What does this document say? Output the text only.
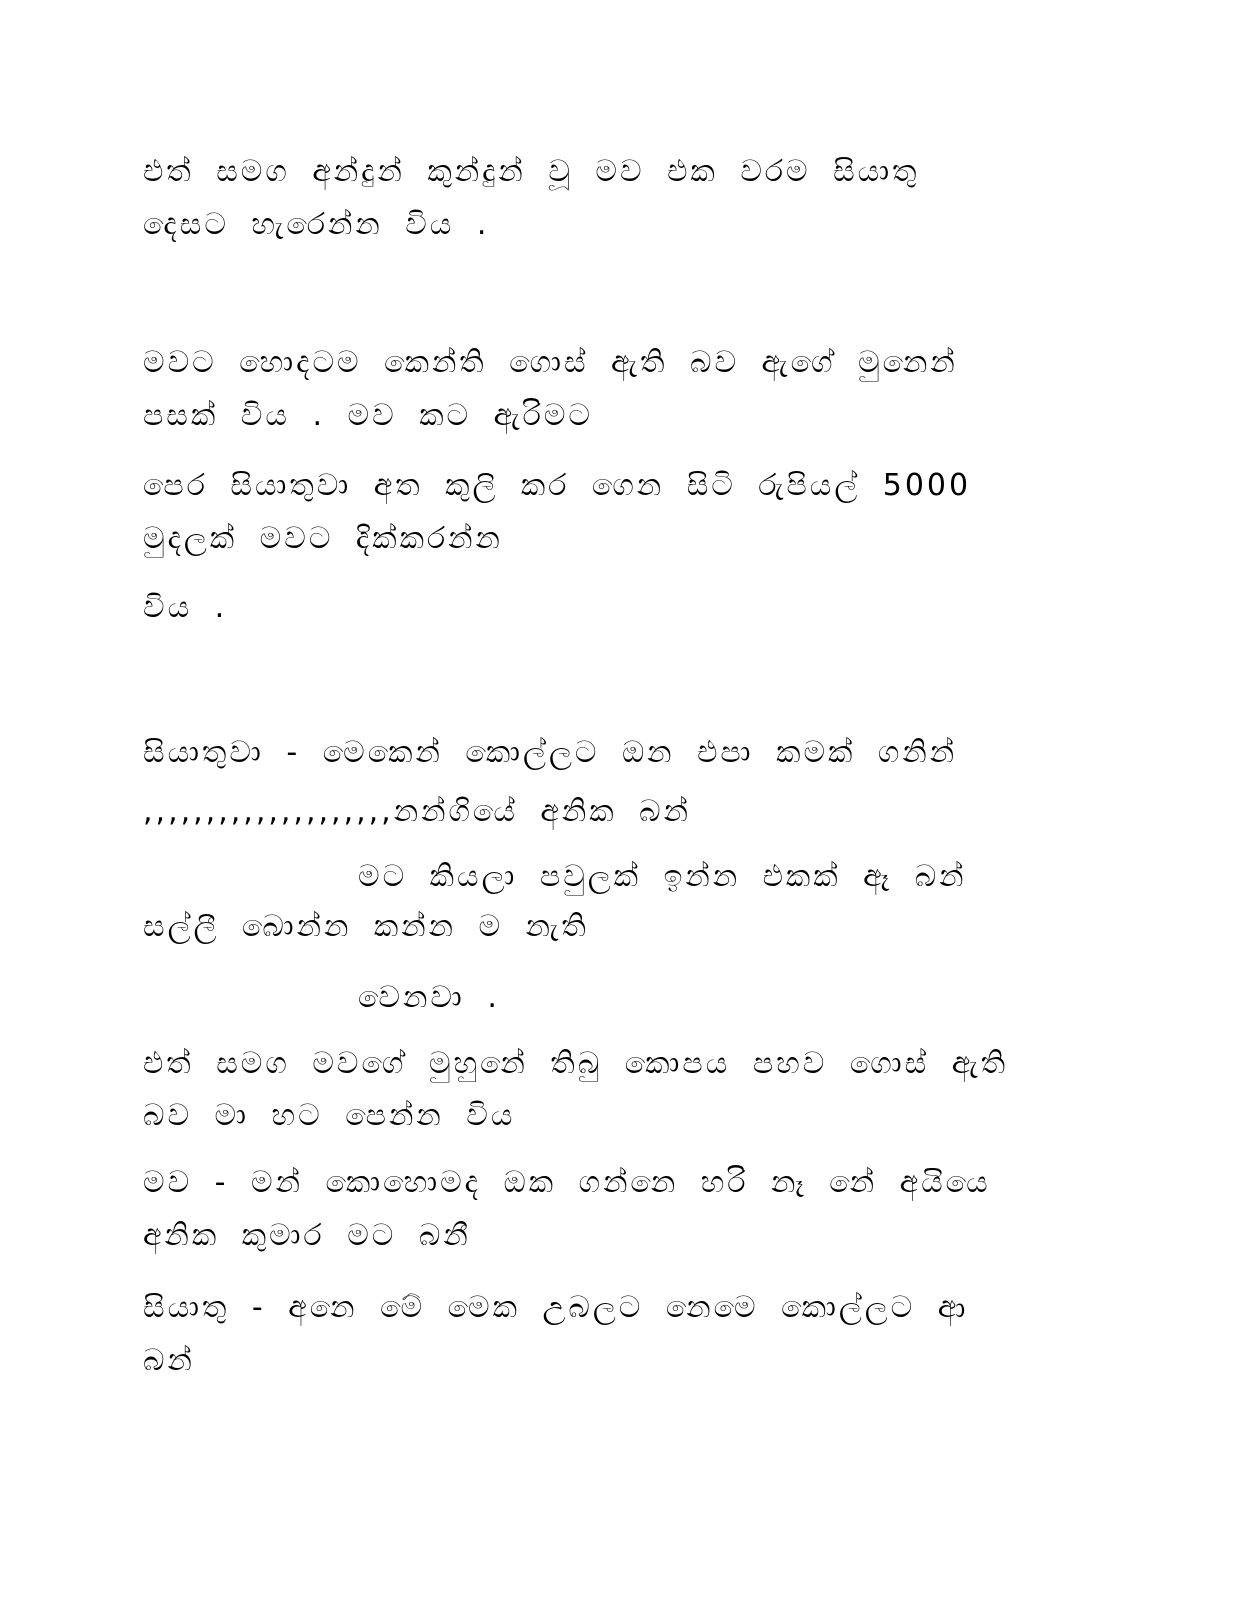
එත් සමග අන්දුන් කුන්දුන් වූ මව එක වරම සියාතු
දෙසට හැරෙන්න විය .
මවට හොදටම කෙන්ති ගොස් ඇති බව ඇගේ මුනෙන්
පසක් විය . මව කට ඇරිමට
පෙර සියාතුවා අත කුලි කර ගෙන සිටි රුපියල් 5000
මුදලක් මවට දික්කරන්න
විය .
සියාතුවා - මෙකෙන් කොල්ලට ඔන එපා කමක් ගනින්
,,,,,,,,,,,,,,,,,,,,නන්ගියේ අනික බන්
මට කියලා පවුලක් ඉන්න එකක් ඈ බන්
සල්ලී බොන්න කන්න ම නැති
වෙනවා .
එත් සමග මවගේ මුහුනේ තිබු කොපය පහව ගොස් ඇති
බව මා හට පෙන්න විය
මව - මන් කොහොමද ඔක ගන්නෙ හරි නෑ නේ අයියෙ
අනික කුමාර මට බනී
සියාතු - අනෙ මේ මෙක උබලට නෙමෙ කොල්ලට ආ
බන්
